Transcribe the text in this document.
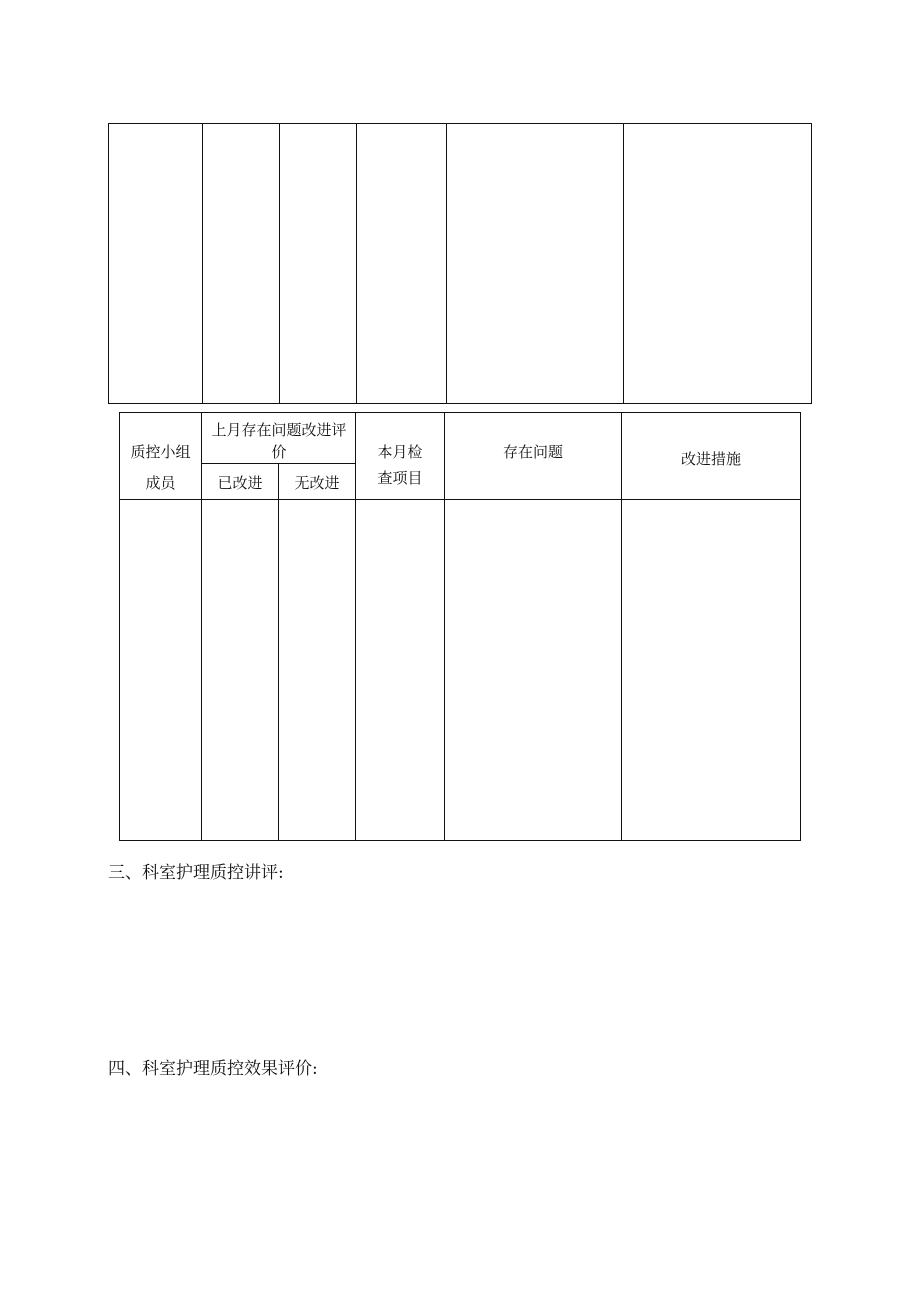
质控小组
成员
上月存在问题改进评
价
已改进	无改进
本月检
查项目
存在问题	改进措施
三、科室护理质控讲评:
四、科室护理质控效果评价:
